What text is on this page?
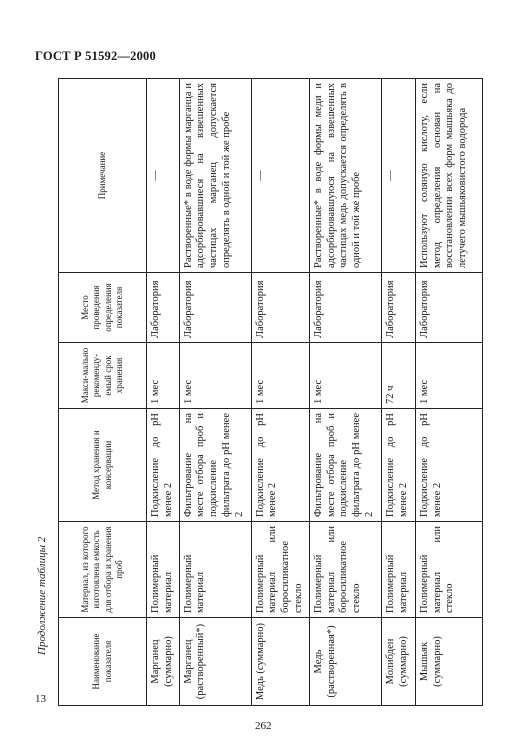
ГОСТ Р 51592—2000
Продолжение таблицы 2
Наименование показателя	Материал, из которого изготовлена емкость для отбора и хранения проб	Метод хранения и консервации	Макси-мально рекоменду-емый срок хранения	Место проведения определения показателя	Примечание
Марганец (суммарно)	Полимерный материал	Подкисление до pH менее 2	1 мес	Лаборатория	—
Марганец (растворенный*)	Полимерный материал	Фильтрование на месте отбора проб и подкисление фильтрата до pH менее 2	1 мес	Лаборатория	Растворенные* в воде формы марганца и адсорбировавшиеся на взвешенных частицах марганец допускается определять в одной и той же пробе
Медь (суммарно)	Полимерный материал или боросиликатное стекло	Подкисление до pH менее 2	1 мес	Лаборатория	—
Медь (растворенная*)	Полимерный материал или боросиликатное стекло	Фильтрование на месте отбора проб и подкисление фильтрата до pH менее 2	1 мес	Лаборатория	Растворенные* в воде формы меди и адсорбировавшуюся на взвешенных частицах медь допускается определять в одной и той же пробе
Молибден (суммарно)	Полимерный материал	Подкисление до pH менее 2	72 ч	Лаборатория	—
Мышьяк (суммарно)	Полимерный материал или стекло	Подкисление до pH менее 2	1 мес	Лаборатория	Используют соляную кислоту, если метод определения основан на восстановлении всех форм мышьяка до летучего мышьяковистого водорода
13
262
